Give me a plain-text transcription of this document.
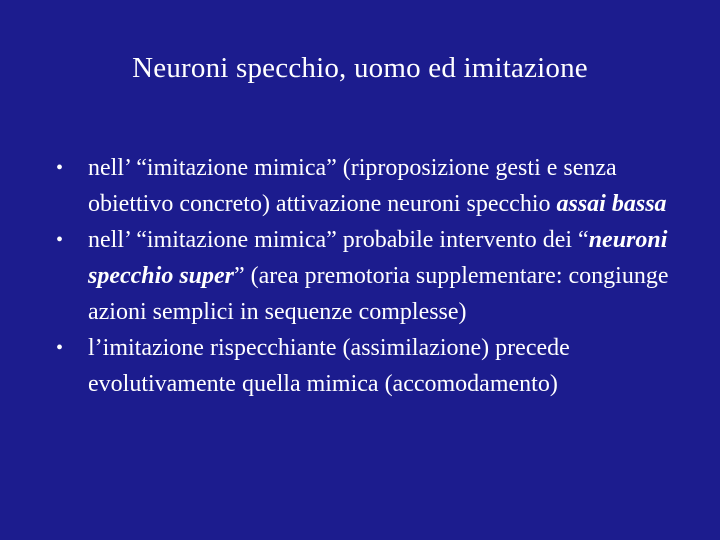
Neuroni specchio, uomo ed imitazione
•	nell’ “imitazione mimica” (riproposizione gesti e senza obiettivo concreto) attivazione neuroni specchio assai bassa
•	nell’ “imitazione mimica” probabile intervento dei “neuroni specchio super” (area premotoria supplementare: congiunge azioni semplici in sequenze complesse)
•	l’imitazione rispecchiante (assimilazione) precede evolutivamente quella mimica (accomodamento)
